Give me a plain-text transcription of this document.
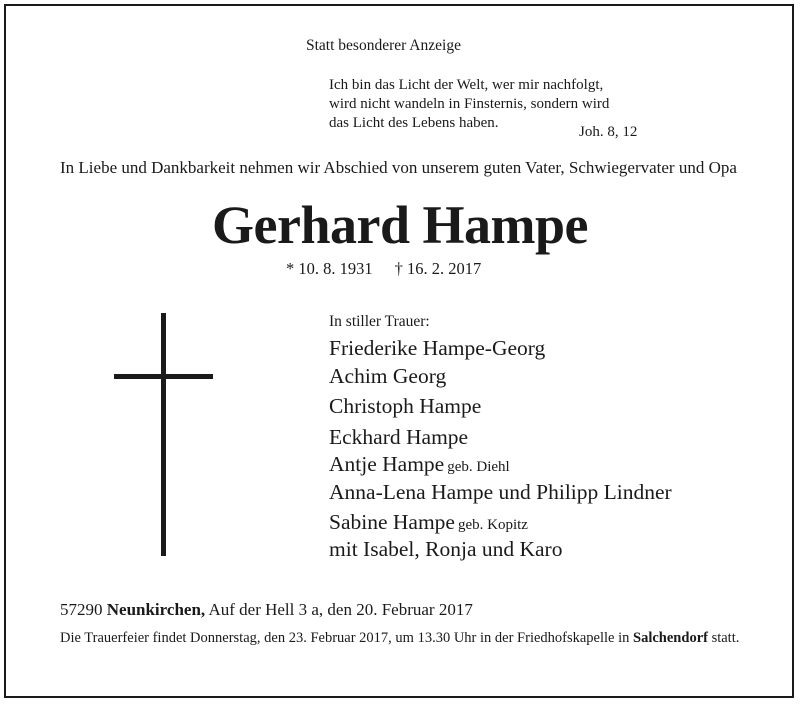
Statt besonderer Anzeige
Ich bin das Licht der Welt, wer mir nachfolgt,
wird nicht wandeln in Finsternis, sondern wird
das Licht des Lebens haben.
Joh. 8, 12
In Liebe und Dankbarkeit nehmen wir Abschied von unserem guten Vater, Schwiegervater und Opa
Gerhard Hampe
* 10. 8. 1931 † 16. 2. 2017
In stiller Trauer:
Friederike Hampe-Georg
Achim Georg
Christoph Hampe
Eckhard Hampe
Antje Hampe geb. Diehl
Anna-Lena Hampe und Philipp Lindner
Sabine Hampe geb. Kopitz
mit Isabel, Ronja und Karo
57290 Neunkirchen, Auf der Hell 3 a, den 20. Februar 2017
Die Trauerfeier findet Donnerstag, den 23. Februar 2017, um 13.30 Uhr in der Friedhofskapelle in Salchendorf statt.
